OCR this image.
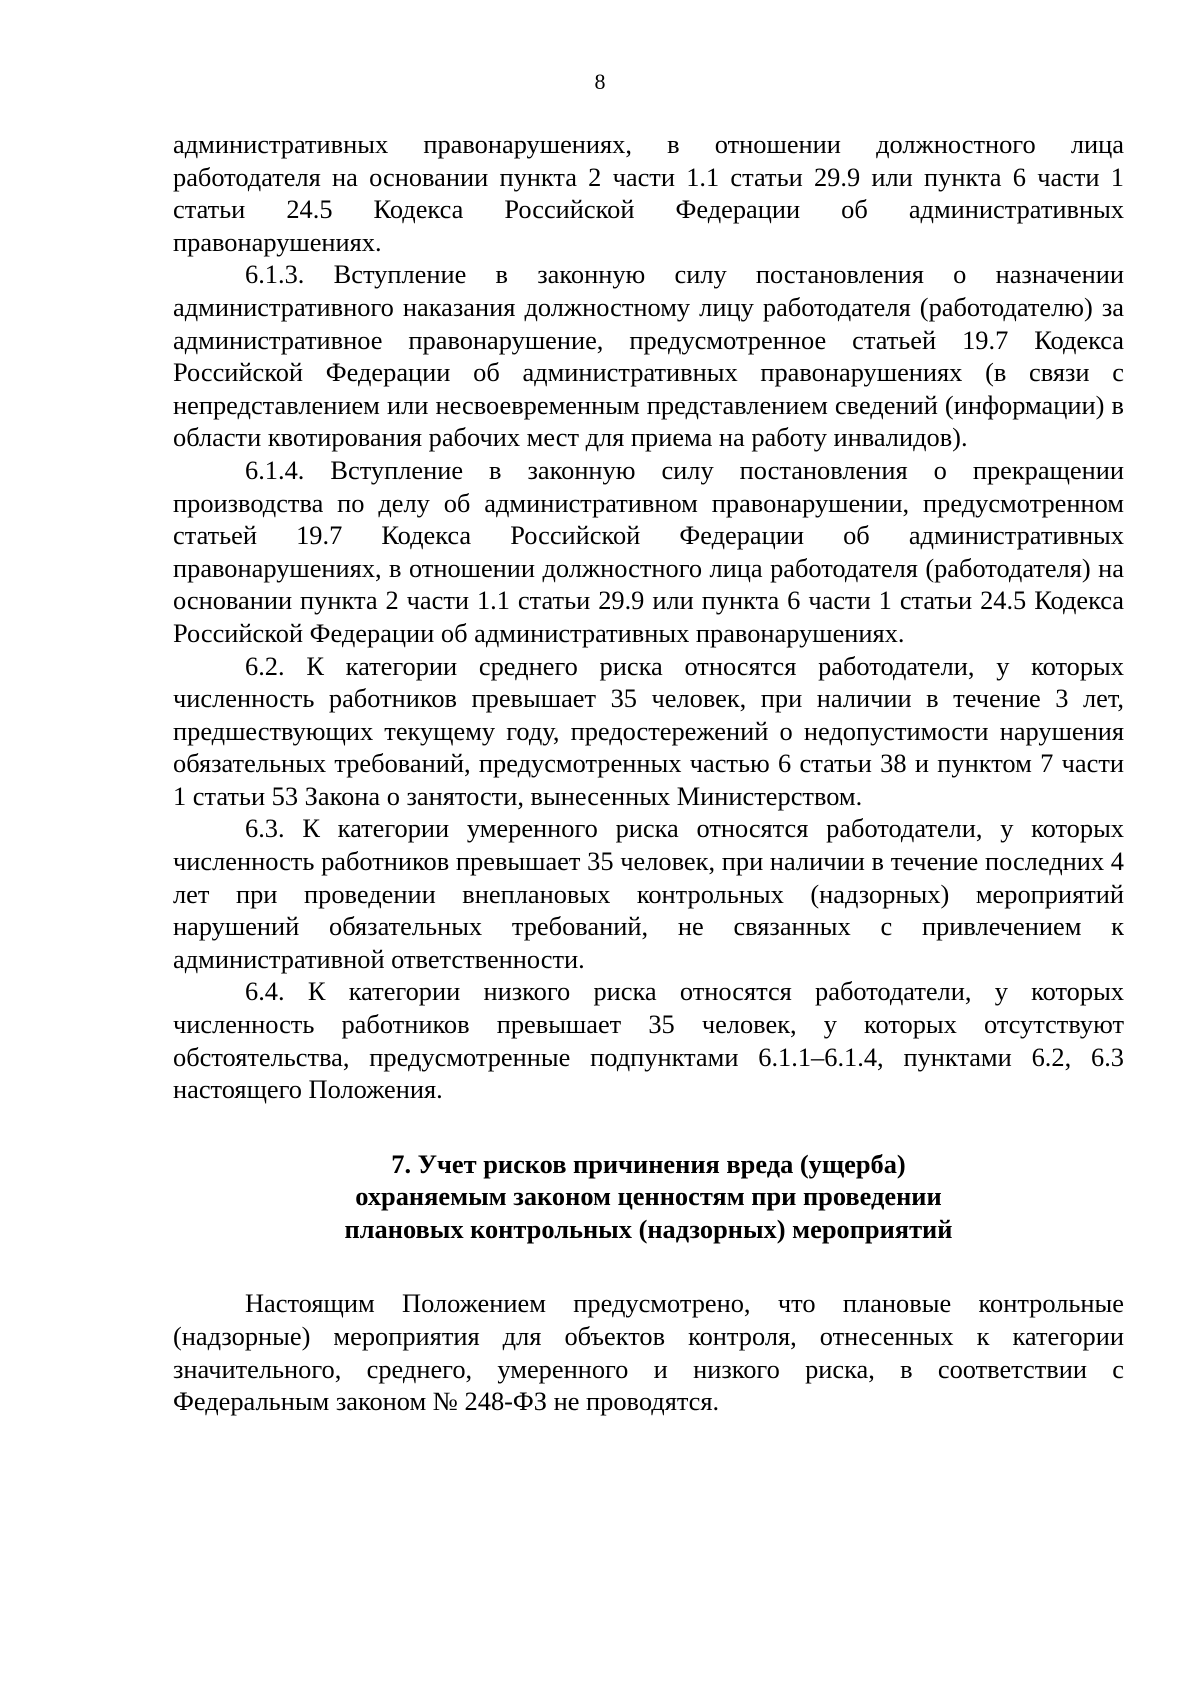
8

административных правонарушениях, в отношении должностного лица работодателя на основании пункта 2 части 1.1 статьи 29.9 или пункта 6 части 1 статьи 24.5 Кодекса Российской Федерации об административных правонарушениях.

6.1.3. Вступление в законную силу постановления о назначении административного наказания должностному лицу работодателя (работодателю) за административное правонарушение, предусмотренное статьей 19.7 Кодекса Российской Федерации об административных правонарушениях (в связи с непредставлением или несвоевременным представлением сведений (информации) в области квотирования рабочих мест для приема на работу инвалидов).

6.1.4. Вступление в законную силу постановления о прекращении производства по делу об административном правонарушении, предусмотренном статьей 19.7 Кодекса Российской Федерации об административных правонарушениях, в отношении должностного лица работодателя (работодателя) на основании пункта 2 части 1.1 статьи 29.9 или пункта 6 части 1 статьи 24.5 Кодекса Российской Федерации об административных правонарушениях.

6.2. К категории среднего риска относятся работодатели, у которых численность работников превышает 35 человек, при наличии в течение 3 лет, предшествующих текущему году, предостережений о недопустимости нарушения обязательных требований, предусмотренных частью 6 статьи 38 и пунктом 7 части 1 статьи 53 Закона о занятости, вынесенных Министерством.

6.3. К категории умеренного риска относятся работодатели, у которых численность работников превышает 35 человек, при наличии в течение последних 4 лет при проведении внеплановых контрольных (надзорных) мероприятий нарушений обязательных требований, не связанных с привлечением к административной ответственности.

6.4. К категории низкого риска относятся работодатели, у которых численность работников превышает 35 человек, у которых отсутствуют обстоятельства, предусмотренные подпунктами 6.1.1–6.1.4, пунктами 6.2, 6.3 настоящего Положения.

7. Учет рисков причинения вреда (ущерба)
охраняемым законом ценностям при проведении
плановых контрольных (надзорных) мероприятий

Настоящим Положением предусмотрено, что плановые контрольные (надзорные) мероприятия для объектов контроля, отнесенных к категории значительного, среднего, умеренного и низкого риска, в соответствии с Федеральным законом № 248-ФЗ не проводятся.
